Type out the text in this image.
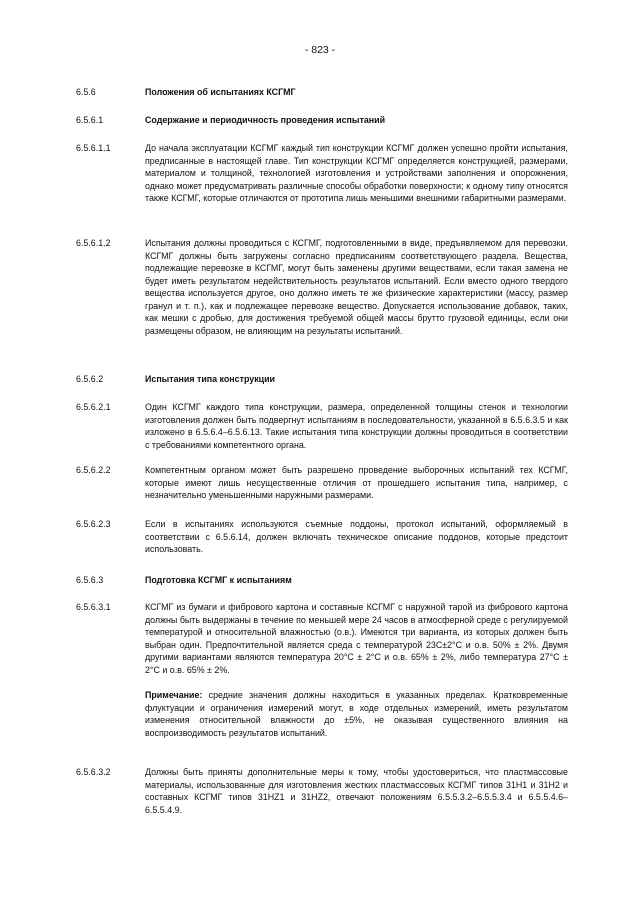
- 823 -
6.5.6	Положения об испытаниях КСГМГ
6.5.6.1	Содержание и периодичность проведения испытаний
6.5.6.1.1	До начала эксплуатации КСГМГ каждый тип конструкции КСГМГ должен успешно пройти испытания, предписанные в настоящей главе. Тип конструкции КСГМГ определяется конструкцией, размерами, материалом и толщиной, технологией изготовления и устройствами заполнения и опорожнения, однако может предусматривать различные способы обработки поверхности; к одному типу относятся также КСГМГ, которые отличаются от прототипа лишь меньшими внешними габаритными размерами.
6.5.6.1.2	Испытания должны проводиться с КСГМГ, подготовленными в виде, предъявляемом для перевозки. КСГМГ должны быть загружены согласно предписаниям соответствующего раздела. Вещества, подлежащие перевозке в КСГМГ, могут быть заменены другими веществами, если такая замена не будет иметь результатом недействительность результатов испытаний. Если вместо одного твердого вещества используется другое, оно должно иметь те же физические характеристики (массу, размер гранул и т. п.), как и подлежащее перевозке вещество. Допускается использование добавок, таких, как мешки с дробью, для достижения требуемой общей массы брутто грузовой единицы, если они размещены образом, не влияющим на результаты испытаний.
6.5.6.2	Испытания типа конструкции
6.5.6.2.1	Один КСГМГ каждого типа конструкции, размера, определенной толщины стенок и технологии изготовления должен быть подвергнут испытаниям в последовательности, указанной в 6.5.6.3.5 и как изложено в 6.5.6.4–6.5.6.13. Такие испытания типа конструкции должны проводиться в соответствии с требованиями компетентного органа.
6.5.6.2.2	Компетентным органом может быть разрешено проведение выборочных испытаний тех КСГМГ, которые имеют лишь несущественные отличия от прошедшего испытания типа, например, с незначительно уменьшенными наружными размерами.
6.5.6.2.3	Если в испытаниях используются съемные поддоны, протокол испытаний, оформляемый в соответствии с 6.5.6.14, должен включать техническое описание поддонов, которые предстоит использовать.
6.5.6.3	Подготовка КСГМГ к испытаниям
6.5.6.3.1	КСГМГ из бумаги и фибрового картона и составные КСГМГ с наружной тарой из фибрового картона должны быть выдержаны в течение по меньшей мере 24 часов в атмосферной среде с регулируемой температурой и относительной влажностью (о.в.). Имеются три варианта, из которых должен быть выбран один. Предпочтительной является среда с температурой 23C±2°C и о.в. 50% ± 2%. Двумя другими вариантами являются температура 20°C ± 2°C и о.в. 65% ± 2%, либо температура 27°C ± 2°C и о.в. 65% ± 2%.
Примечание: средние значения должны находиться в указанных пределах. Кратковременные флуктуации и ограничения измерений могут, в ходе отдельных измерений, иметь результатом изменения относительной влажности до ±5%, не оказывая существенного влияния на воспроизводимость результатов испытаний.
6.5.6.3.2	Должны быть приняты дополнительные меры к тому, чтобы удостовериться, что пластмассовые материалы, использованные для изготовления жестких пластмассовых КСГМГ типов 31H1 и 31H2 и составных КСГМГ типов 31HZ1 и 31HZ2, отвечают положениям 6.5.5.3.2–6.5.5.3.4 и 6.5.5.4.6–6.5.5.4.9.
